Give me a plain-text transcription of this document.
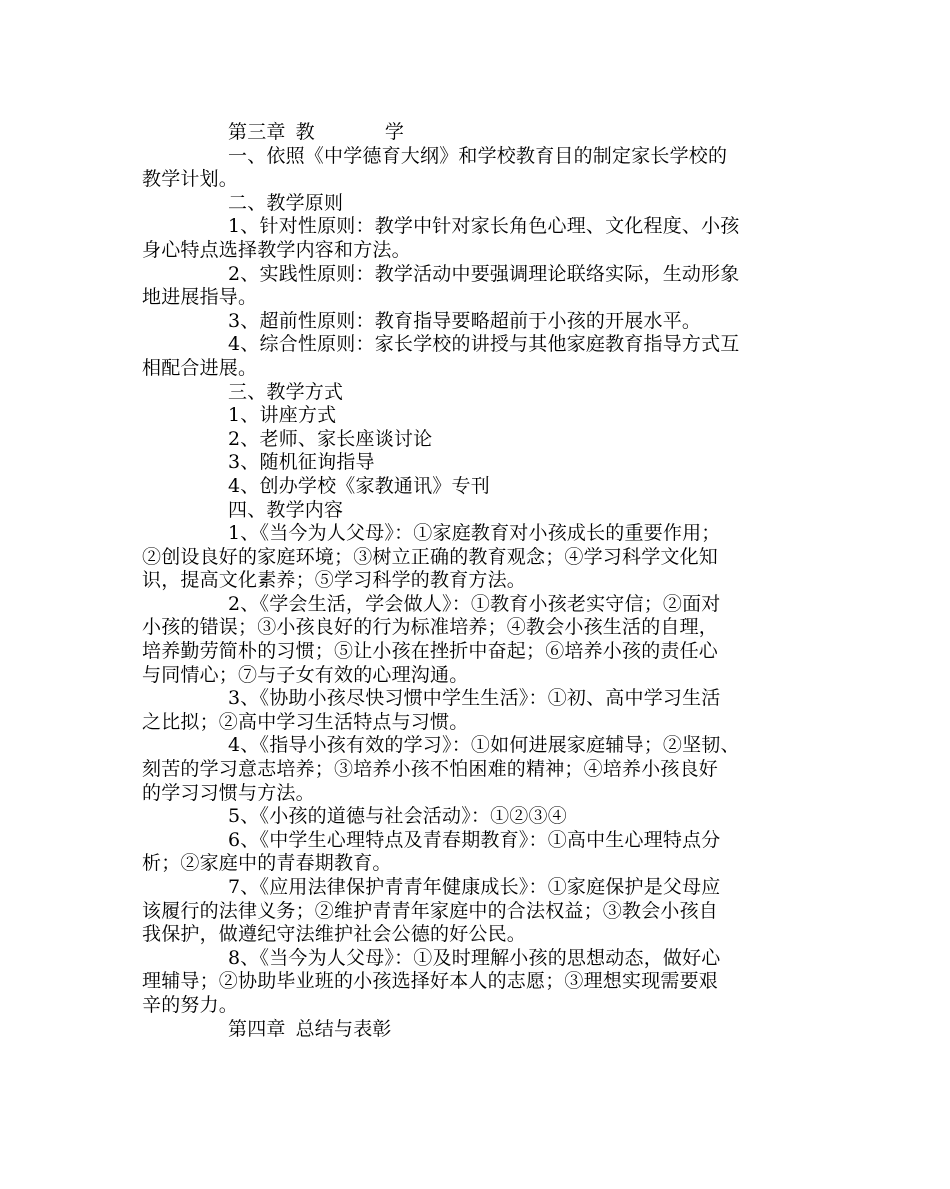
第三章 教	学
一、依照《中学德育大纲》和学校教育目的制定家长学校的
教学计划。
二、教学原则
1、针对性原则：教学中针对家长角色心理、文化程度、小孩
身心特点选择教学内容和方法。
2、实践性原则：教学活动中要强调理论联络实际，生动形象
地进展指导。
3、超前性原则：教育指导要略超前于小孩的开展水平。
4、综合性原则：家长学校的讲授与其他家庭教育指导方式互
相配合进展。
三、教学方式
1、讲座方式
2、老师、家长座谈讨论
3、随机征询指导
4、创办学校《家教通讯》专刊
四、教学内容
1、《当今为人父母》：①家庭教育对小孩成长的重要作用；
②创设良好的家庭环境；③树立正确的教育观念；④学习科学文化知
识，提高文化素养；⑤学习科学的教育方法。
2、《学会生活，学会做人》：①教育小孩老实守信；②面对
小孩的错误；③小孩良好的行为标准培养；④教会小孩生活的自理，
培养勤劳简朴的习惯；⑤让小孩在挫折中奋起；⑥培养小孩的责任心
与同情心；⑦与子女有效的心理沟通。
3、《协助小孩尽快习惯中学生生活》：①初、高中学习生活
之比拟；②高中学习生活特点与习惯。
4、《指导小孩有效的学习》：①如何进展家庭辅导；②坚韧、
刻苦的学习意志培养；③培养小孩不怕困难的精神；④培养小孩良好
的学习习惯与方法。
5、《小孩的道德与社会活动》：①②③④
6、《中学生心理特点及青春期教育》：①高中生心理特点分
析；②家庭中的青春期教育。
7、《应用法律保护青青年健康成长》：①家庭保护是父母应
该履行的法律义务；②维护青青年家庭中的合法权益；③教会小孩自
我保护，做遵纪守法维护社会公德的好公民。
8、《当今为人父母》：①及时理解小孩的思想动态，做好心
理辅导；②协助毕业班的小孩选择好本人的志愿；③理想实现需要艰
辛的努力。
第四章 总结与表彰
